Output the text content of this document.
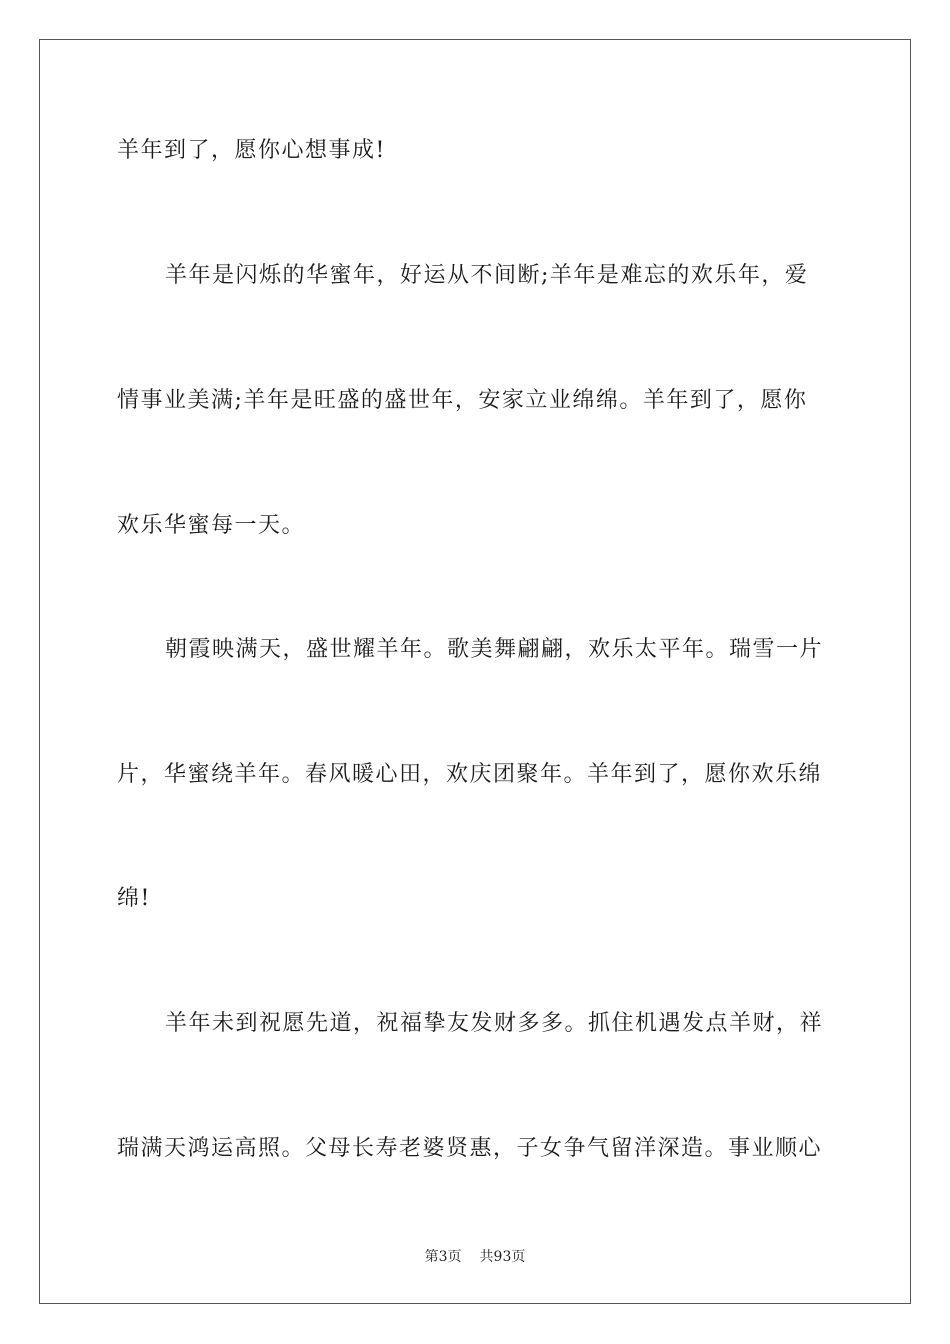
羊年到了，愿你心想事成!
羊年是闪烁的华蜜年，好运从不间断;羊年是难忘的欢乐年，爱
情事业美满;羊年是旺盛的盛世年，安家立业绵绵。羊年到了，愿你
欢乐华蜜每一天。
朝霞映满天，盛世耀羊年。歌美舞翩翩，欢乐太平年。瑞雪一片
片，华蜜绕羊年。春风暖心田，欢庆团聚年。羊年到了，愿你欢乐绵
绵!
羊年未到祝愿先道，祝福挚友发财多多。抓住机遇发点羊财，祥
瑞满天鸿运高照。父母长寿老婆贤惠，子女争气留洋深造。事业顺心
第3页 共93页
